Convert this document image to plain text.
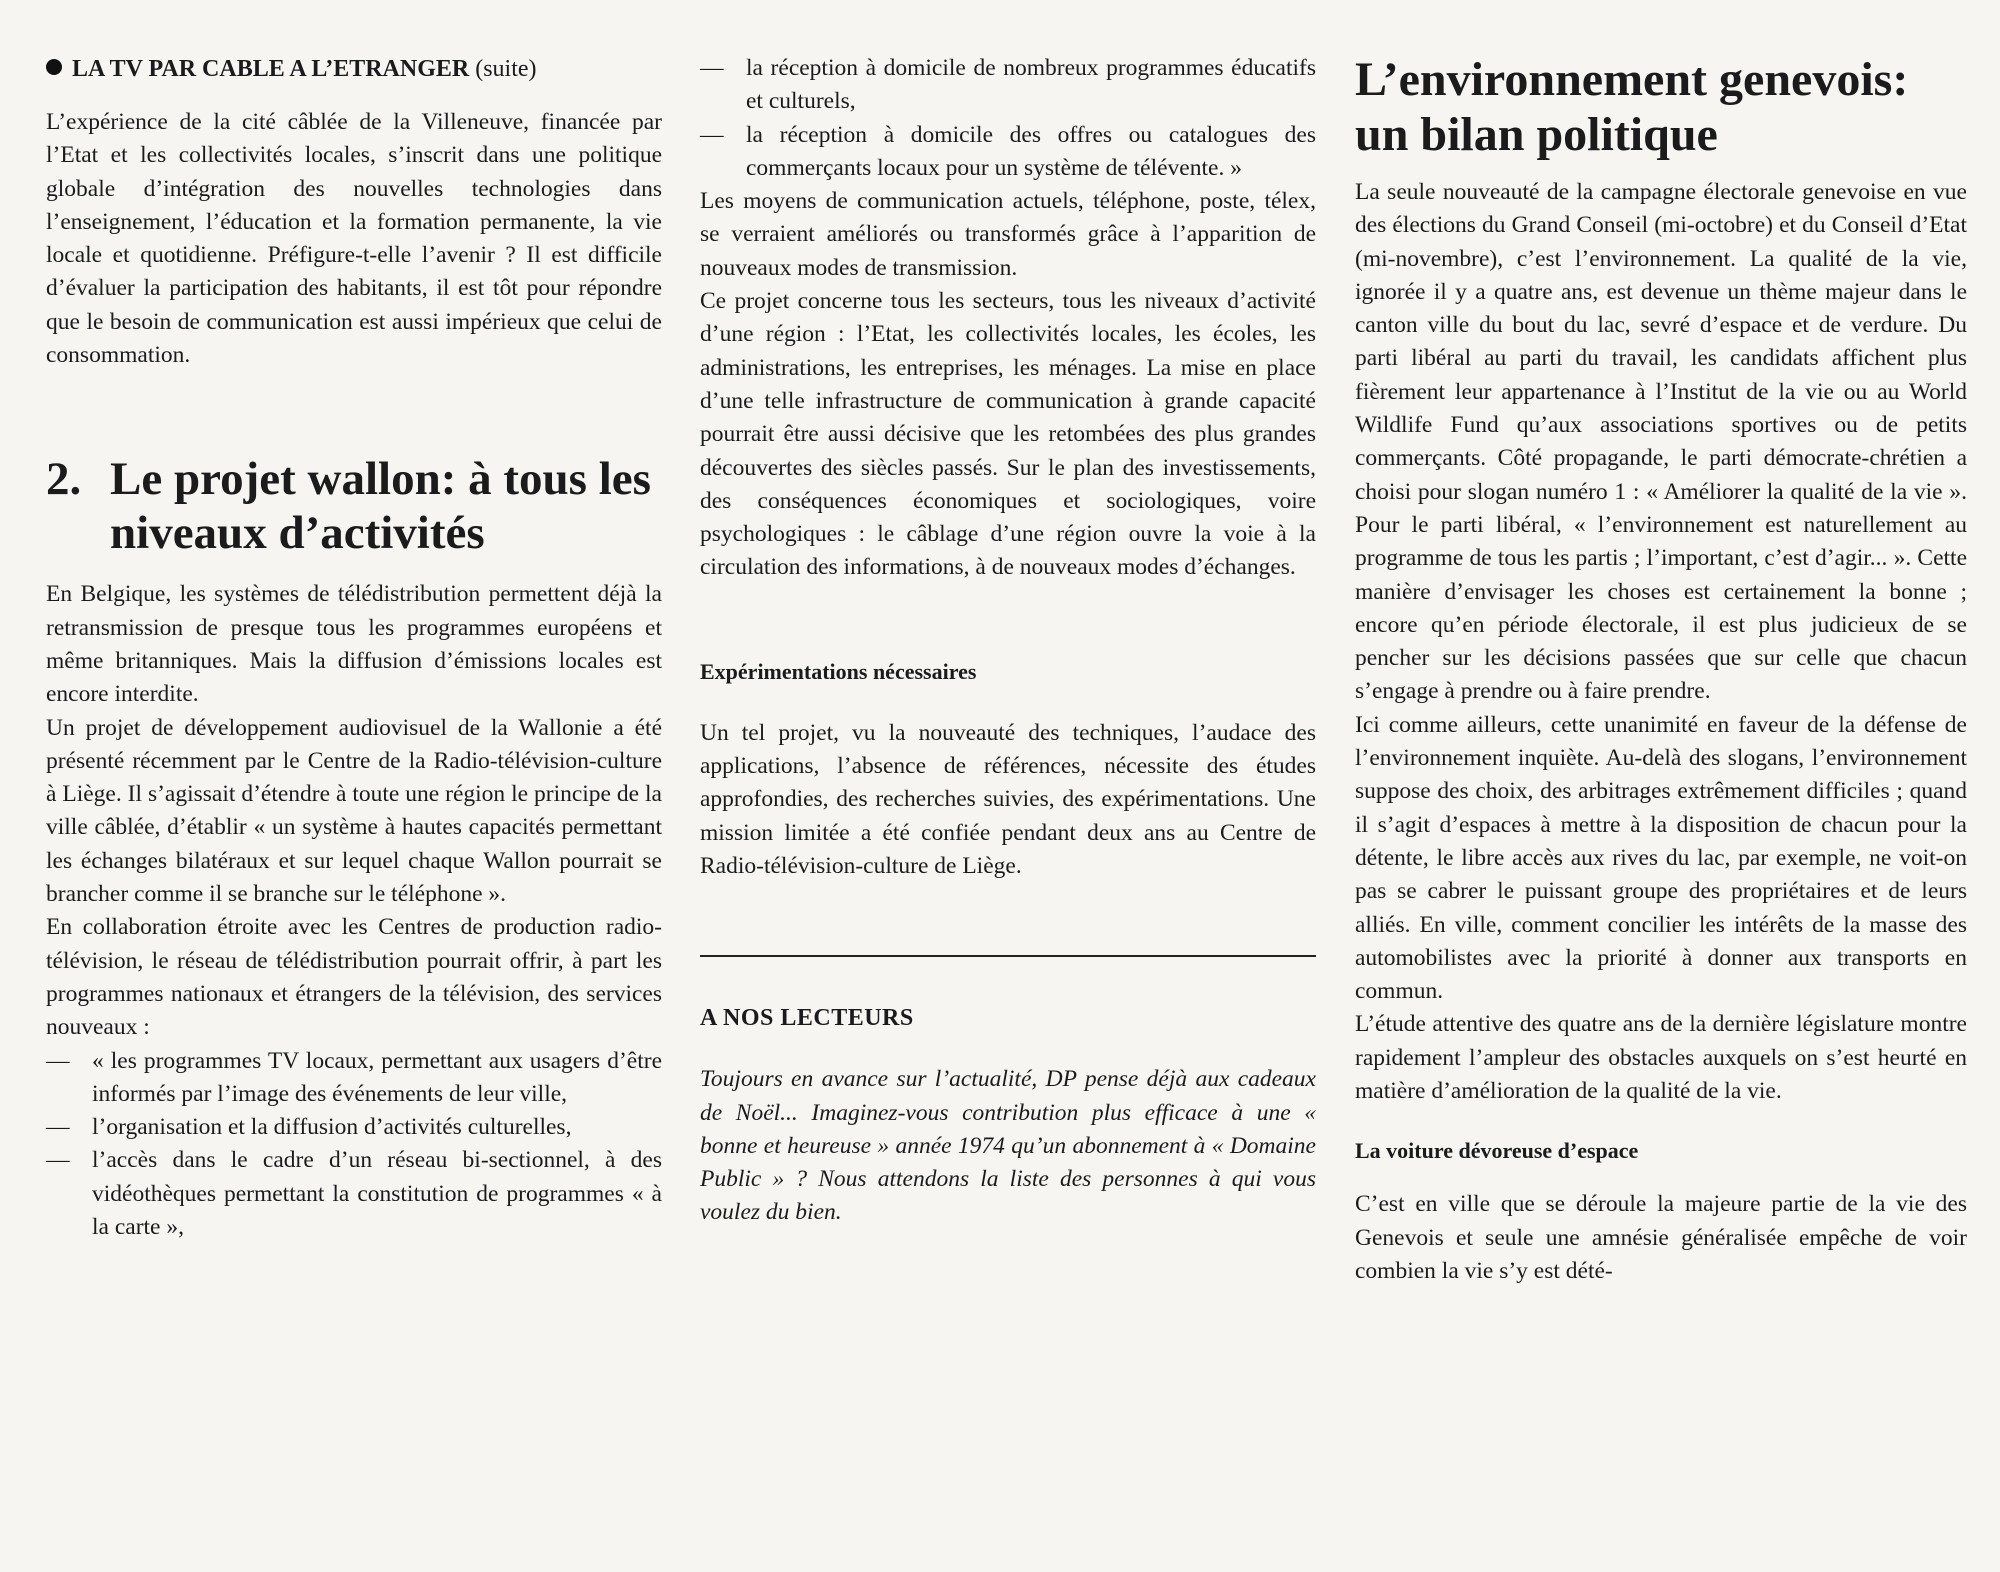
LA TV PAR CABLE A L’ETRANGER (suite)

L’expérience de la cité câblée de la Villeneuve, financée par l’Etat et les collectivités locales, s’inscrit dans une politique globale d’intégration des nouvelles technologies dans l’enseignement, l’éducation et la formation permanente, la vie locale et quotidienne. Préfigure-t-elle l’avenir ? Il est difficile d’évaluer la participation des habitants, il est tôt pour répondre que le besoin de communication est aussi impérieux que celui de consommation.

2. Le projet wallon: à tous les niveaux d’activités

En Belgique, les systèmes de télédistribution permettent déjà la retransmission de presque tous les programmes européens et même britanniques. Mais la diffusion d’émissions locales est encore interdite.

Un projet de développement audiovisuel de la Wallonie a été présenté récemment par le Centre de la Radio-télévision-culture à Liège. Il s’agissait d’étendre à toute une région le principe de la ville câblée, d’établir « un système à hautes capacités permettant les échanges bilatéraux et sur lequel chaque Wallon pourrait se brancher comme il se branche sur le téléphone ».

En collaboration étroite avec les Centres de production radio-télévision, le réseau de télédistribution pourrait offrir, à part les programmes nationaux et étrangers de la télévision, des services nouveaux :

— « les programmes TV locaux, permettant aux usagers d’être informés par l’image des événements de leur ville,
— l’organisation et la diffusion d’activités culturelles,
— l’accès dans le cadre d’un réseau bi-sectionnel, à des vidéothèques permettant la constitution de programmes « à la carte »,
— la réception à domicile de nombreux programmes éducatifs et culturels,
— la réception à domicile des offres ou catalogues des commerçants locaux pour un système de télévente. »

Les moyens de communication actuels, téléphone, poste, télex, se verraient améliorés ou transformés grâce à l’apparition de nouveaux modes de transmission.

Ce projet concerne tous les secteurs, tous les niveaux d’activité d’une région : l’Etat, les collectivités locales, les écoles, les administrations, les entreprises, les ménages. La mise en place d’une telle infrastructure de communication à grande capacité pourrait être aussi décisive que les retombées des plus grandes découvertes des siècles passés. Sur le plan des investissements, des conséquences économiques et sociologiques, voire psychologiques : le câblage d’une région ouvre la voie à la circulation des informations, à de nouveaux modes d’échanges.

Expérimentations nécessaires

Un tel projet, vu la nouveauté des techniques, l’audace des applications, l’absence de références, nécessite des études approfondies, des recherches suivies, des expérimentations. Une mission limitée a été confiée pendant deux ans au Centre de Radio-télévision-culture de Liège.

A NOS LECTEURS

Toujours en avance sur l’actualité, DP pense déjà aux cadeaux de Noël... Imaginez-vous contribution plus efficace à une « bonne et heureuse » année 1974 qu’un abonnement à « Domaine Public » ? Nous attendons la liste des personnes à qui vous voulez du bien.

L’environnement genevois: un bilan politique

La seule nouveauté de la campagne électorale genevoise en vue des élections du Grand Conseil (mi-octobre) et du Conseil d’Etat (mi-novembre), c’est l’environnement. La qualité de la vie, ignorée il y a quatre ans, est devenue un thème majeur dans le canton ville du bout du lac, sevré d’espace et de verdure. Du parti libéral au parti du travail, les candidats affichent plus fièrement leur appartenance à l’Institut de la vie ou au World Wildlife Fund qu’aux associations sportives ou de petits commerçants. Côté propagande, le parti démocrate-chrétien a choisi pour slogan numéro 1 : « Améliorer la qualité de la vie ». Pour le parti libéral, « l’environnement est naturellement au programme de tous les partis ; l’important, c’est d’agir... ». Cette manière d’envisager les choses est certainement la bonne ; encore qu’en période électorale, il est plus judicieux de se pencher sur les décisions passées que sur celle que chacun s’engage à prendre ou à faire prendre.

Ici comme ailleurs, cette unanimité en faveur de la défense de l’environnement inquiète. Au-delà des slogans, l’environnement suppose des choix, des arbitrages extrêmement difficiles ; quand il s’agit d’espaces à mettre à la disposition de chacun pour la détente, le libre accès aux rives du lac, par exemple, ne voit-on pas se cabrer le puissant groupe des propriétaires et de leurs alliés. En ville, comment concilier les intérêts de la masse des automobilistes avec la priorité à donner aux transports en commun.

L’étude attentive des quatre ans de la dernière législature montre rapidement l’ampleur des obstacles auxquels on s’est heurté en matière d’amélioration de la qualité de la vie.

La voiture dévoreuse d’espace

C’est en ville que se déroule la majeure partie de la vie des Genevois et seule une amnésie généralisée empêche de voir combien la vie s’y est dété-
